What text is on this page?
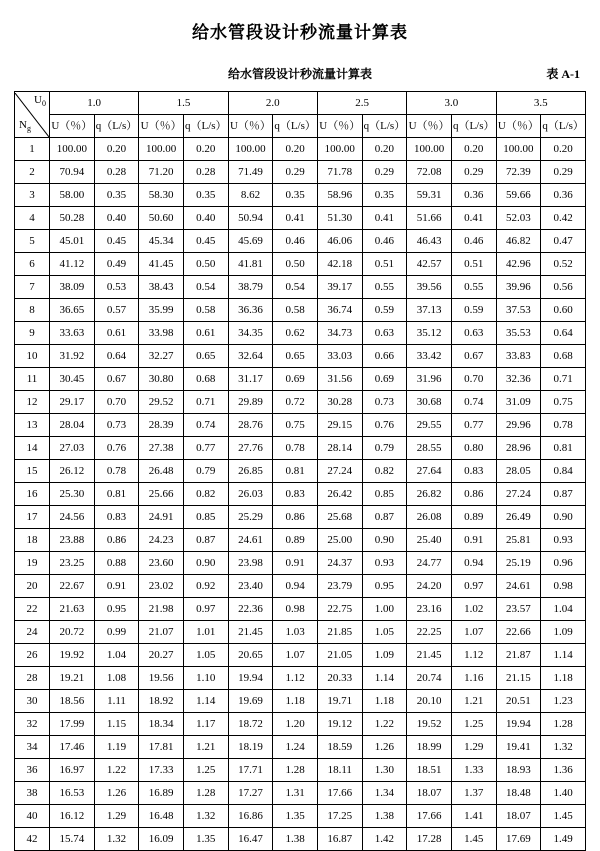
给水管段设计秒流量计算表
给水管段设计秒流量计算表	表 A-1
$U_0$
$N_g$	1.0		1.5		2.0		2.5		3.0		3.5	
	U（％）	q（L/s）	U（％）	q（L/s）	U（％）	q（L/s）	U（％）	q（L/s）	U（％）	q（L/s）	U（％）	q（L/s）
1	100.00	0.20	100.00	0.20	100.00	0.20	100.00	0.20	100.00	0.20	100.00	0.20
2	70.94	0.28	71.20	0.28	71.49	0.29	71.78	0.29	72.08	0.29	72.39	0.29
3	58.00	0.35	58.30	0.35	8.62	0.35	58.96	0.35	59.31	0.36	59.66	0.36
4	50.28	0.40	50.60	0.40	50.94	0.41	51.30	0.41	51.66	0.41	52.03	0.42
5	45.01	0.45	45.34	0.45	45.69	0.46	46.06	0.46	46.43	0.46	46.82	0.47
6	41.12	0.49	41.45	0.50	41.81	0.50	42.18	0.51	42.57	0.51	42.96	0.52
7	38.09	0.53	38.43	0.54	38.79	0.54	39.17	0.55	39.56	0.55	39.96	0.56
8	36.65	0.57	35.99	0.58	36.36	0.58	36.74	0.59	37.13	0.59	37.53	0.60
9	33.63	0.61	33.98	0.61	34.35	0.62	34.73	0.63	35.12	0.63	35.53	0.64
10	31.92	0.64	32.27	0.65	32.64	0.65	33.03	0.66	33.42	0.67	33.83	0.68
11	30.45	0.67	30.80	0.68	31.17	0.69	31.56	0.69	31.96	0.70	32.36	0.71
12	29.17	0.70	29.52	0.71	29.89	0.72	30.28	0.73	30.68	0.74	31.09	0.75
13	28.04	0.73	28.39	0.74	28.76	0.75	29.15	0.76	29.55	0.77	29.96	0.78
14	27.03	0.76	27.38	0.77	27.76	0.78	28.14	0.79	28.55	0.80	28.96	0.81
15	26.12	0.78	26.48	0.79	26.85	0.81	27.24	0.82	27.64	0.83	28.05	0.84
16	25.30	0.81	25.66	0.82	26.03	0.83	26.42	0.85	26.82	0.86	27.24	0.87
17	24.56	0.83	24.91	0.85	25.29	0.86	25.68	0.87	26.08	0.89	26.49	0.90
18	23.88	0.86	24.23	0.87	24.61	0.89	25.00	0.90	25.40	0.91	25.81	0.93
19	23.25	0.88	23.60	0.90	23.98	0.91	24.37	0.93	24.77	0.94	25.19	0.96
20	22.67	0.91	23.02	0.92	23.40	0.94	23.79	0.95	24.20	0.97	24.61	0.98
22	21.63	0.95	21.98	0.97	22.36	0.98	22.75	1.00	23.16	1.02	23.57	1.04
24	20.72	0.99	21.07	1.01	21.45	1.03	21.85	1.05	22.25	1.07	22.66	1.09
26	19.92	1.04	20.27	1.05	20.65	1.07	21.05	1.09	21.45	1.12	21.87	1.14
28	19.21	1.08	19.56	1.10	19.94	1.12	20.33	1.14	20.74	1.16	21.15	1.18
30	18.56	1.11	18.92	1.14	19.69	1.18	19.71	1.18	20.10	1.21	20.51	1.23
32	17.99	1.15	18.34	1.17	18.72	1.20	19.12	1.22	19.52	1.25	19.94	1.28
34	17.46	1.19	17.81	1.21	18.19	1.24	18.59	1.26	18.99	1.29	19.41	1.32
36	16.97	1.22	17.33	1.25	17.71	1.28	18.11	1.30	18.51	1.33	18.93	1.36
38	16.53	1.26	16.89	1.28	17.27	1.31	17.66	1.34	18.07	1.37	18.48	1.40
40	16.12	1.29	16.48	1.32	16.86	1.35	17.25	1.38	17.66	1.41	18.07	1.45
42	15.74	1.32	16.09	1.35	16.47	1.38	16.87	1.42	17.28	1.45	17.69	1.49
